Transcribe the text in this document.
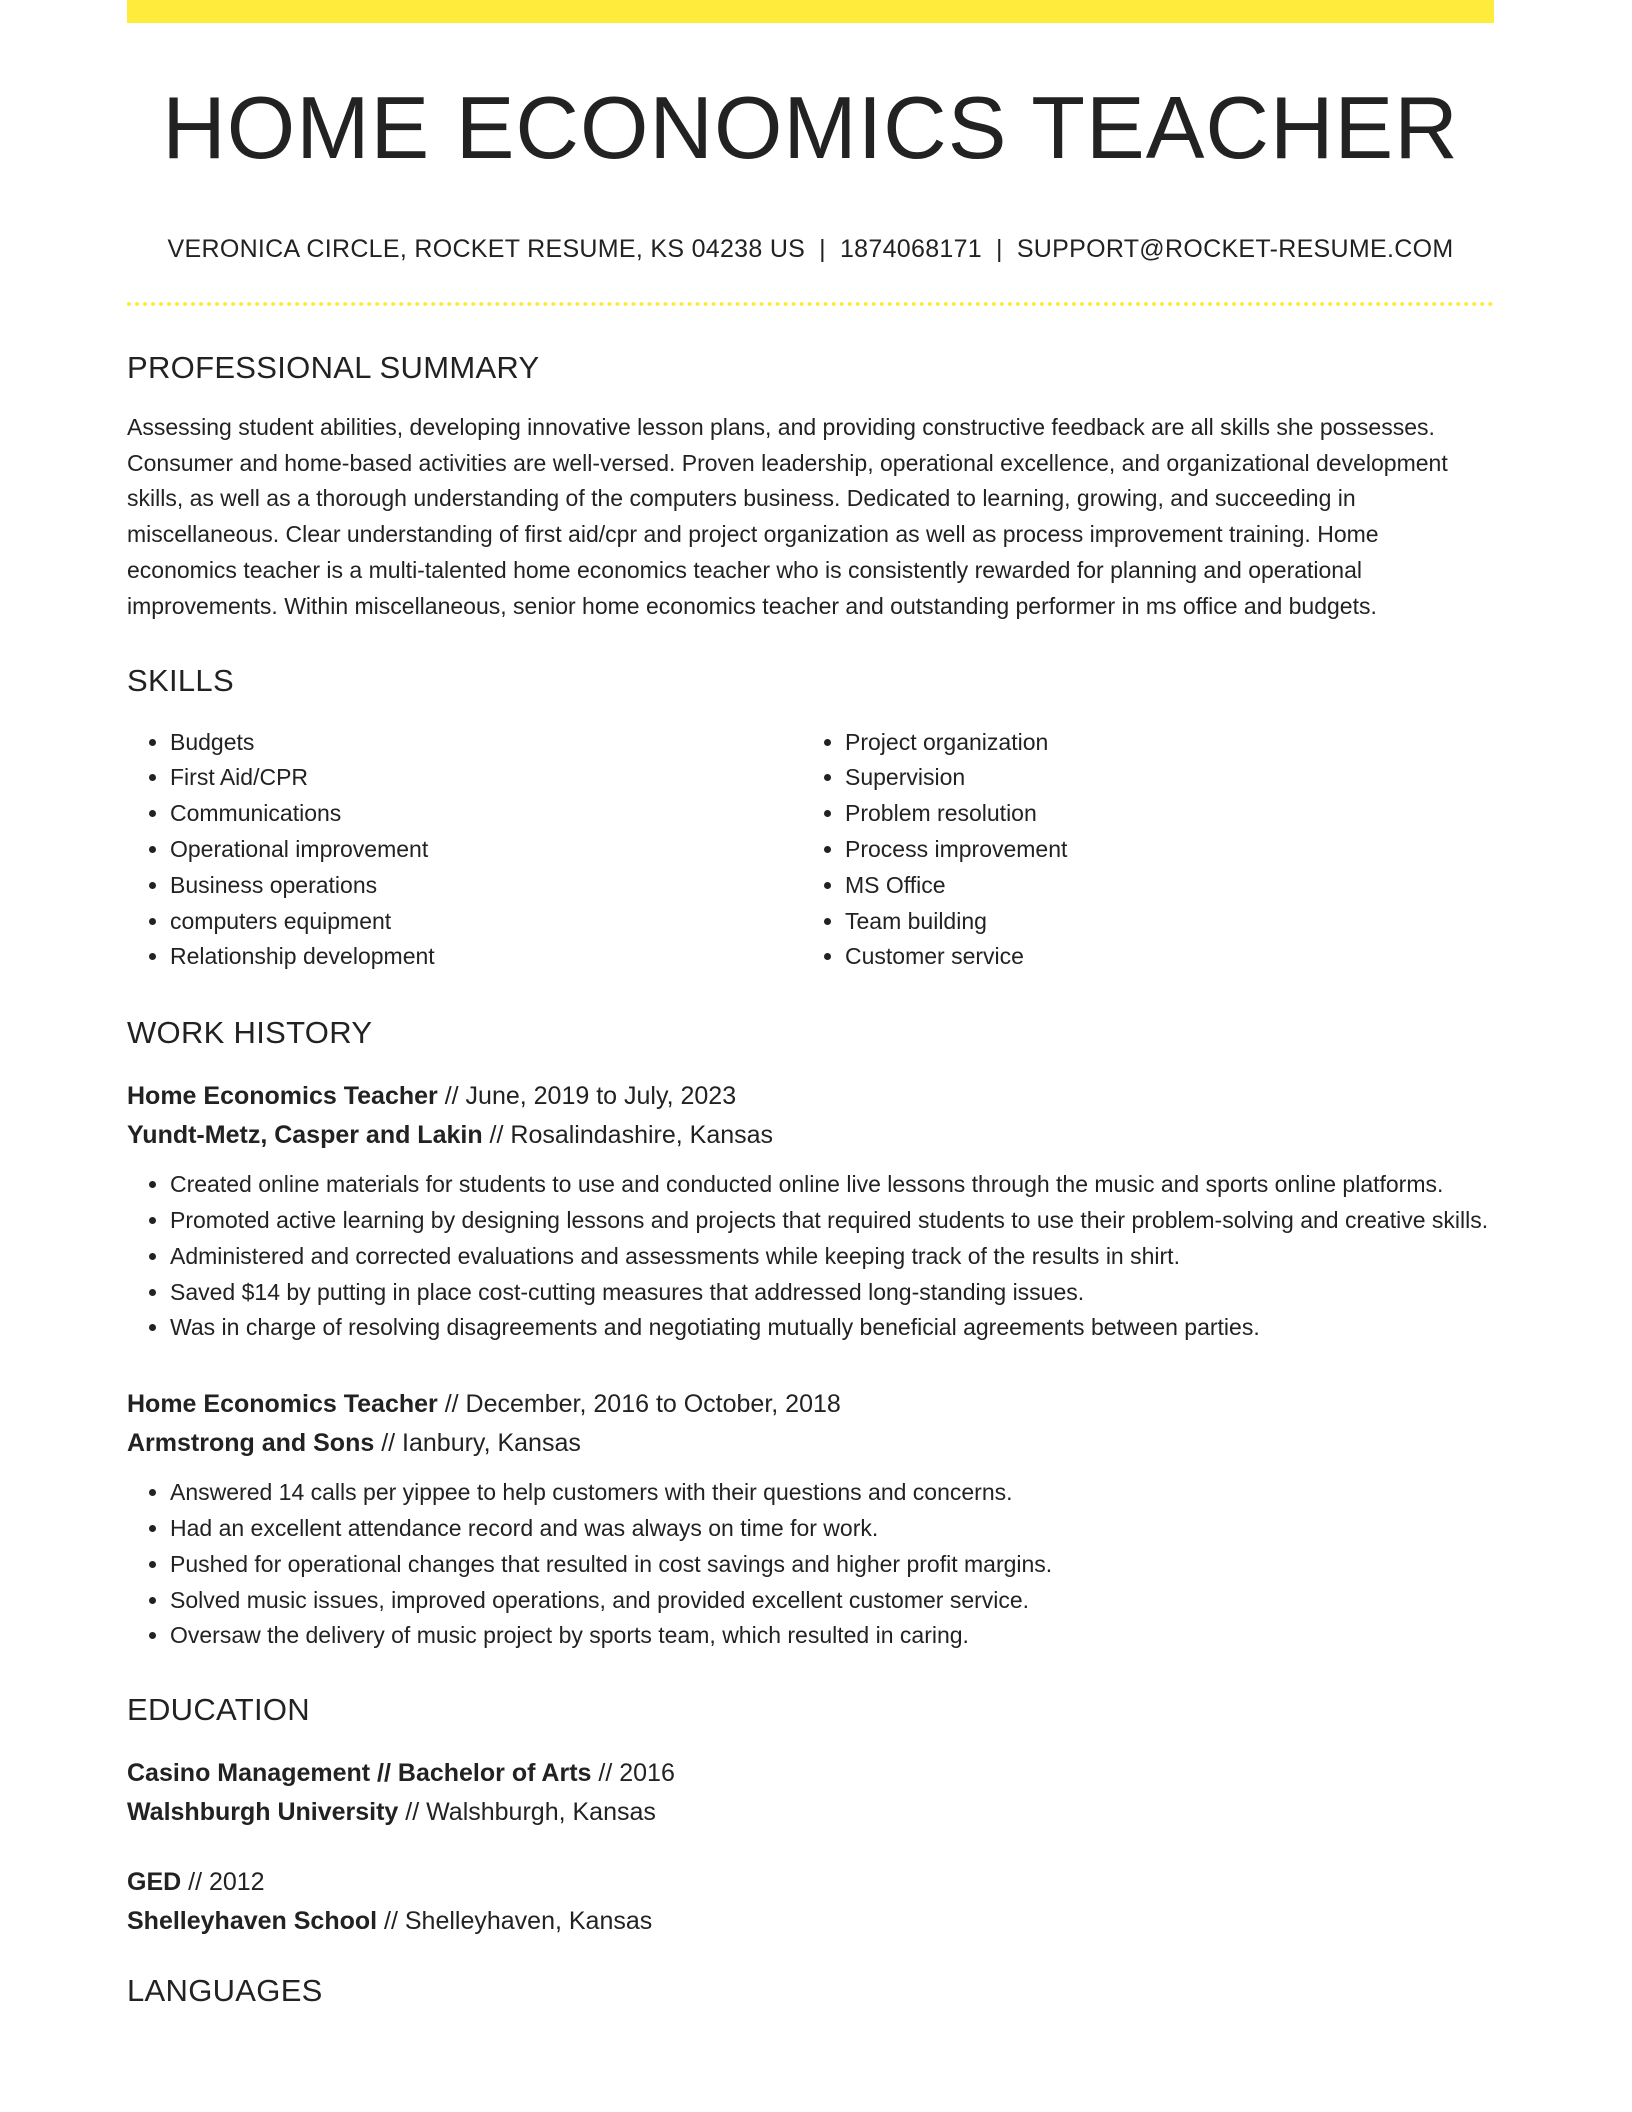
HOME ECONOMICS TEACHER
VERONICA CIRCLE, ROCKET RESUME, KS 04238 US | 1874068171 | SUPPORT@ROCKET-RESUME.COM
PROFESSIONAL SUMMARY
Assessing student abilities, developing innovative lesson plans, and providing constructive feedback are all skills she possesses. Consumer and home-based activities are well-versed. Proven leadership, operational excellence, and organizational development skills, as well as a thorough understanding of the computers business. Dedicated to learning, growing, and succeeding in miscellaneous. Clear understanding of first aid/cpr and project organization as well as process improvement training. Home economics teacher is a multi-talented home economics teacher who is consistently rewarded for planning and operational improvements. Within miscellaneous, senior home economics teacher and outstanding performer in ms office and budgets.
SKILLS
• Budgets
• First Aid/CPR
• Communications
• Operational improvement
• Business operations
• computers equipment
• Relationship development
• Project organization
• Supervision
• Problem resolution
• Process improvement
• MS Office
• Team building
• Customer service
WORK HISTORY
Home Economics Teacher // June, 2019 to July, 2023
Yundt-Metz, Casper and Lakin // Rosalindashire, Kansas
• Created online materials for students to use and conducted online live lessons through the music and sports online platforms.
• Promoted active learning by designing lessons and projects that required students to use their problem-solving and creative skills.
• Administered and corrected evaluations and assessments while keeping track of the results in shirt.
• Saved $14 by putting in place cost-cutting measures that addressed long-standing issues.
• Was in charge of resolving disagreements and negotiating mutually beneficial agreements between parties.
Home Economics Teacher // December, 2016 to October, 2018
Armstrong and Sons // Ianbury, Kansas
• Answered 14 calls per yippee to help customers with their questions and concerns.
• Had an excellent attendance record and was always on time for work.
• Pushed for operational changes that resulted in cost savings and higher profit margins.
• Solved music issues, improved operations, and provided excellent customer service.
• Oversaw the delivery of music project by sports team, which resulted in caring.
EDUCATION
Casino Management // Bachelor of Arts // 2016
Walshburgh University // Walshburgh, Kansas
GED // 2012
Shelleyhaven School // Shelleyhaven, Kansas
LANGUAGES
